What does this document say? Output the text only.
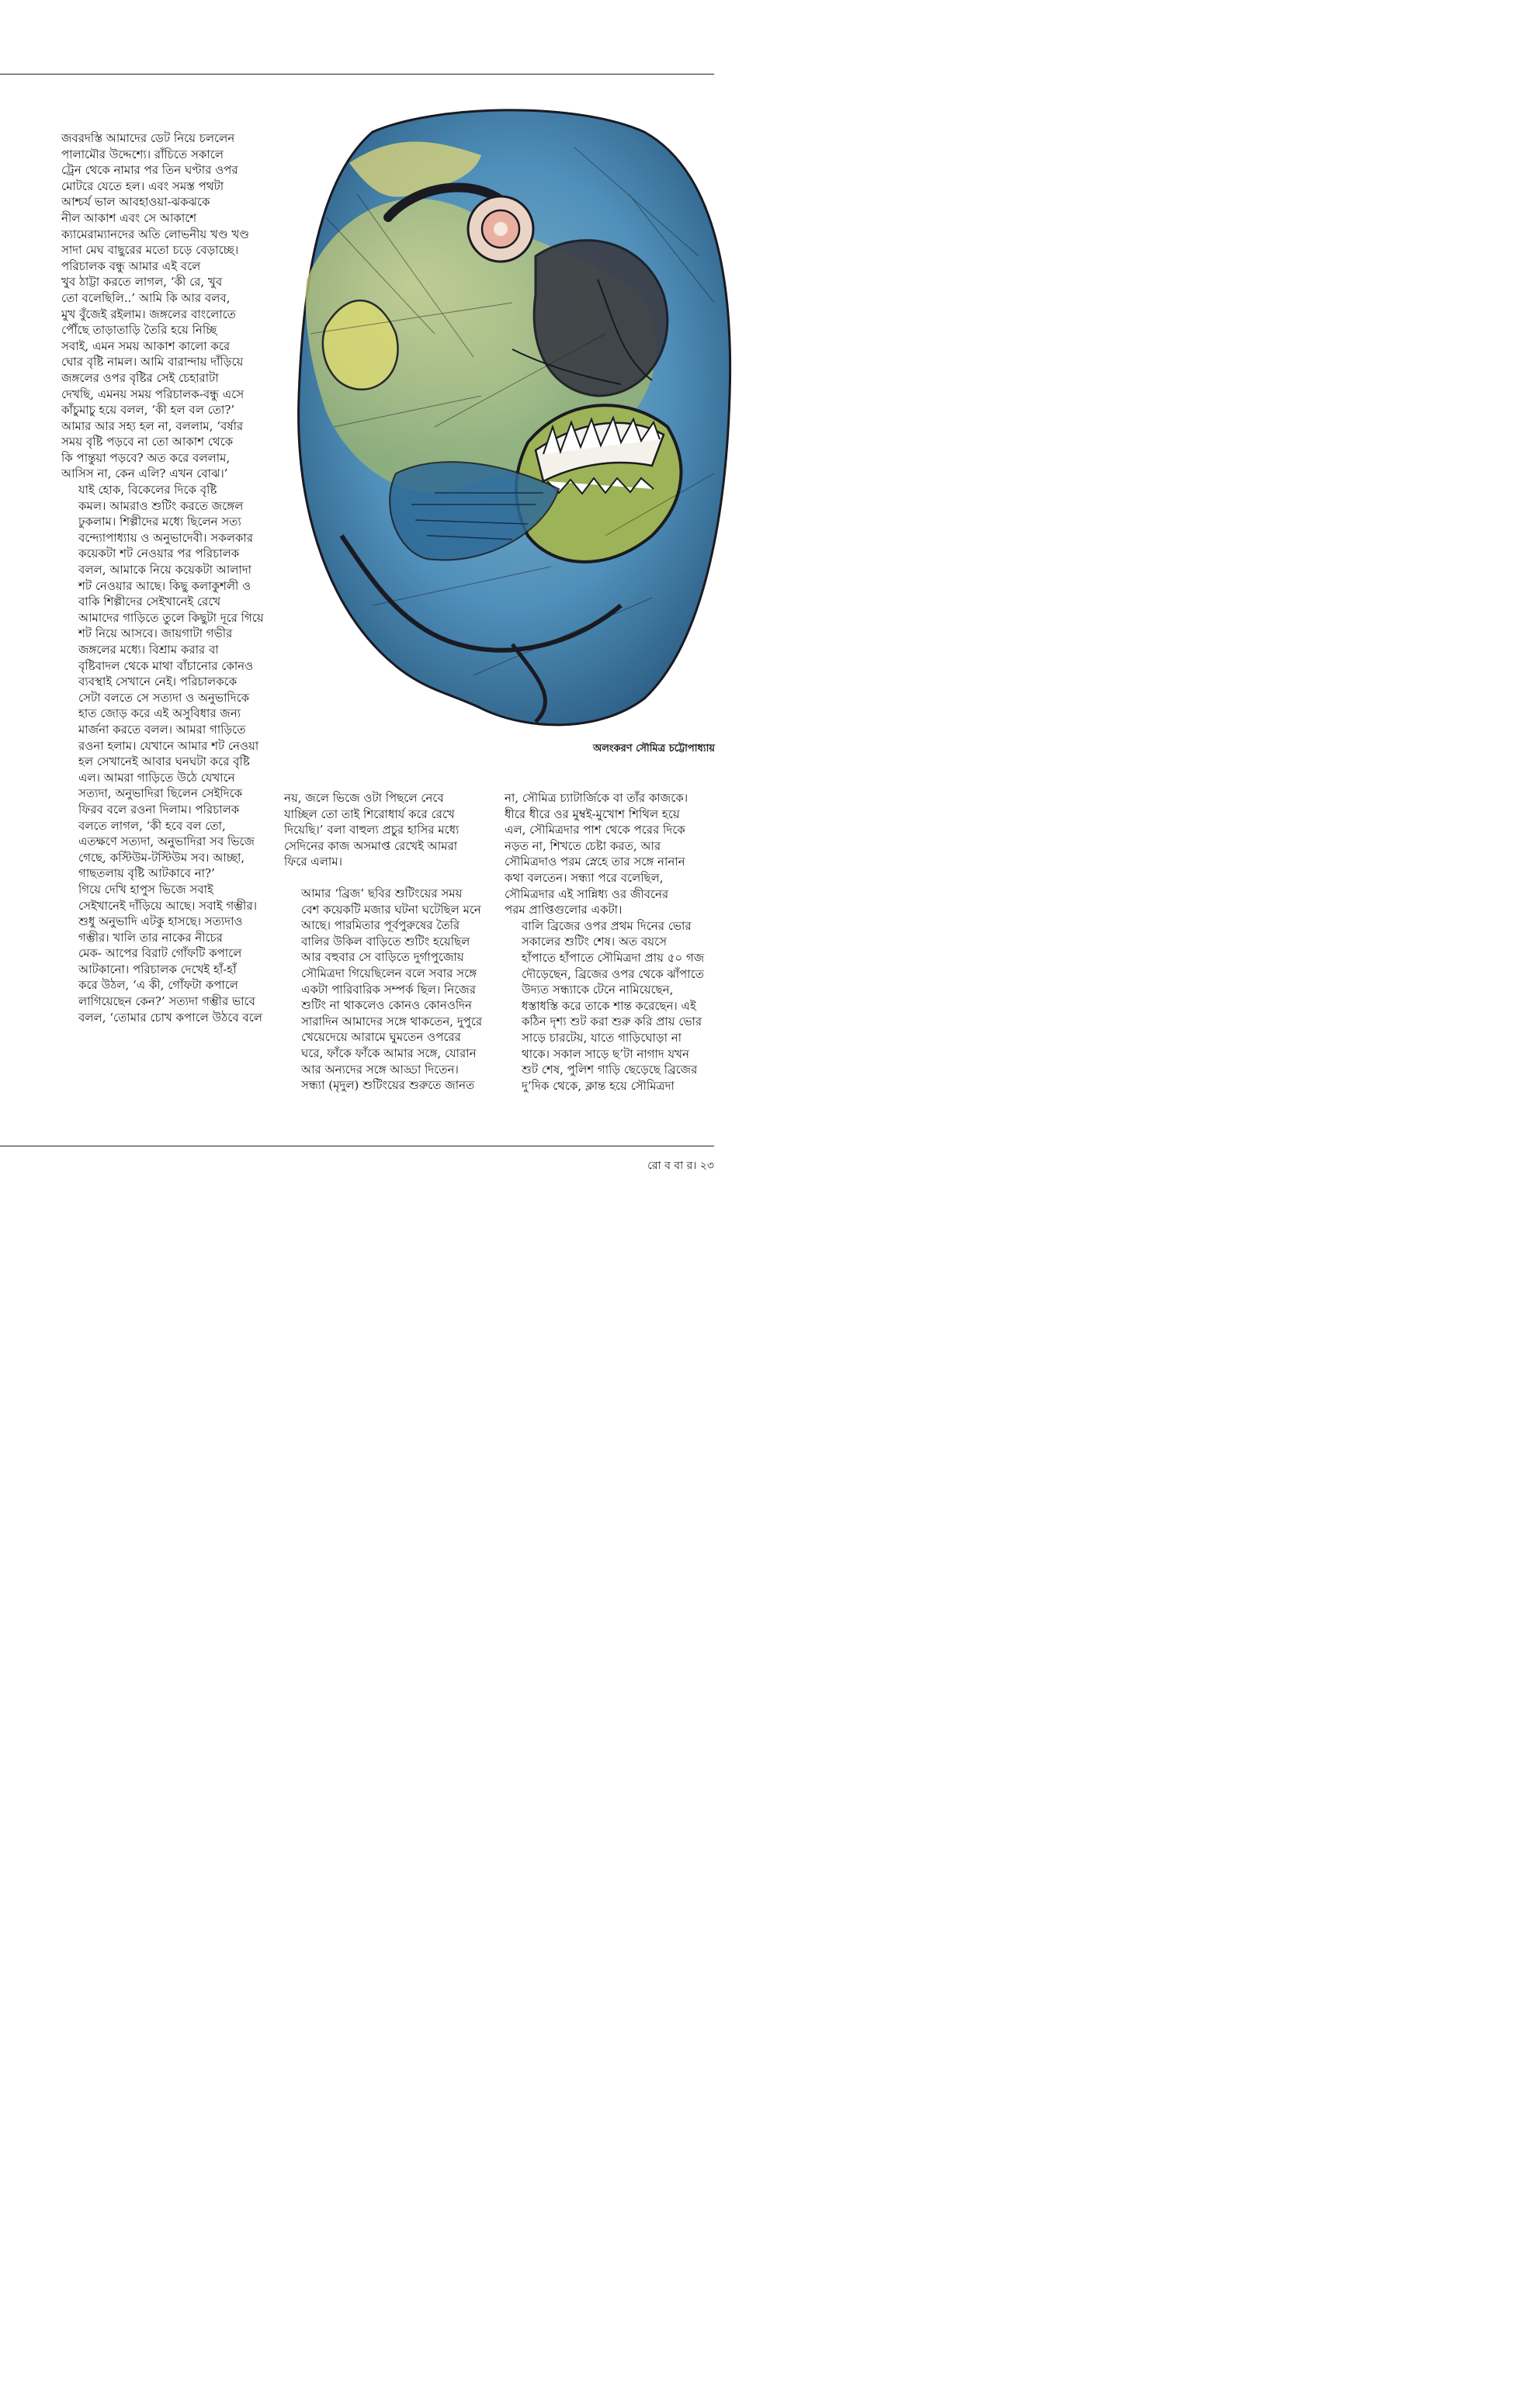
জবরদস্তি আমাদের ডেট নিয়ে চললেন
পালামৌর উদ্দেশ্যে। রাঁচিতে সকালে
ট্রেন থেকে নামার পর তিন ঘণ্টার ওপর
মোটরে যেতে হল। এবং সমস্ত পথটা
আশ্চর্য ভাল আবহাওয়া-ঝকঝকে
নীল আকাশ এবং সে আকাশে
ক্যামেরাম্যানদের অতি লোভনীয় খণ্ড খণ্ড
সাদা মেঘ বাছুরের মতো চড়ে বেড়াচ্ছে।
পরিচালক বন্ধু আমার এই বলে
খুব ঠাট্টা করতে লাগল, ‘কী রে, খুব
তো বলেছিলি..’ আমি কি আর বলব,
মুখ বুঁজেই রইলাম। জঙ্গলের বাংলোতে
পৌঁছে তাড়াতাড়ি তৈরি হয়ে নিচ্ছি
সবাই, এমন সময় আকাশ কালো করে
ঘোর বৃষ্টি নামল। আমি বারান্দায় দাঁড়িয়ে
জঙ্গলের ওপর বৃষ্টির সেই চেহারাটা
দেখছি, এমনয় সময় পরিচালক-বন্ধু এসে
কাঁচুমাচু হয়ে বলল, ‘কী হল বল তো?’
আমার আর সহ্য হল না, বললাম, ‘বর্ষার
সময় বৃষ্টি পড়বে না তো আকাশ থেকে
কি পান্তুয়া পড়বে? অত করে বললাম,
আসিস না, কেন এলি? এখন বোঝ।’

যাই হোক, বিকেলের দিকে বৃষ্টি
কমল। আমরাও শুটিং করতে জঙ্গেল
ঢুকলাম। শিল্পীদের মধ্যে ছিলেন সত্য
বন্দ্যোপাধ্যায় ও অনুভাদেবী। সকলকার
কয়েকটা শট নেওয়ার পর পরিচালক
বলল, আমাকে নিয়ে কয়েকটা আলাদা
শট নেওয়ার আছে। কিছু কলাকুশলী ও
বাকি শিল্পীদের সেইখানেই রেখে
আমাদের গাড়িতে তুলে কিছুটা দূরে গিয়ে
শট নিয়ে আসবে। জায়গাটা গভীর
জঙ্গলের মধ্যে। বিশ্রাম করার বা
বৃষ্টিবাদল থেকে মাথা বাঁচানোর কোনও
ব্যবস্থাই সেখানে নেই। পরিচালককে
সেটা বলতে সে সত্যদা ও অনুভাদিকে
হাত জোড় করে এই অসুবিধার জন্য
মার্জনা করতে বলল। আমরা গাড়িতে
রওনা হলাম। যেখানে আমার শট নেওয়া
হল সেখানেই আবার ঘনঘটা করে বৃষ্টি
এল। আমরা গাড়িতে উঠে যেখানে
সত্যদা, অনুভাদিরা ছিলেন সেইদিকে
ফিরব বলে রওনা দিলাম। পরিচালক
বলতে লাগল, ‘কী হবে বল তো,
এতক্ষণে সত্যদা, অনুভাদিরা সব ভিজে
গেছে, কস্টিউম-টস্টিউম সব। আচ্ছা,
গাছতলায় বৃষ্টি আটকাবে না?’

গিয়ে দেখি হাপুস ভিজে সবাই
সেইখানেই দাঁড়িয়ে আছে। সবাই গম্ভীর।
শুধু অনুভাদি এটকু হাসছে। সত্যদাও
গম্ভীর। খালি তার নাকের নীচের
মেক- আপের বিরাট গোঁফটি কপালে
আটকানো। পরিচালক দেখেই হাঁ-হাঁ
করে উঠল, ‘এ কী, গোঁফটা কপালে
লাগিয়েছেন কেন?’ সত্যদা গম্ভীর ভাবে
বলল, ‘তোমার চোখ কপালে উঠবে বলে

অলংকরণ সৌমিত্র চট্টোপাধ্যায়

নয়, জলে ভিজে ওটা পিছলে নেবে
যাচ্ছিল তো তাই শিরোধার্য করে রেখে
দিয়েছি।’ বলা বাহুল্য প্রচুর হাসির মধ্যে
সেদিনের কাজ অসমাপ্ত রেখেই আমরা
ফিরে এলাম।

আমার ‘ব্রিজ’ ছবির শুটিংয়ের সময়
বেশ কয়েকটি মজার ঘটনা ঘটেছিল মনে
আছে। পারমিতার পূর্বপুরুষের তৈরি
বালির উকিল বাড়িতে শুটিং হয়েছিল
আর বহুবার সে বাড়িতে দুর্গাপুজোয়
সৌমিত্রদা গিয়েছিলেন বলে সবার সঙ্গে
একটা পারিবারিক সম্পর্ক ছিল। নিজের
শুটিং না থাকলেও কোনও কোনওদিন
সারাদিন আমাদের সঙ্গে থাকতেন, দুপুরে
খেয়েদেয়ে আরামে ঘুমতেন ওপরের
ঘরে, ফাঁকে ফাঁকে আমার সঙ্গে, যোরান
আর অন্যদের সঙ্গে আড্ডা দিতেন।
সন্ধ্যা (মৃদুল) শুটিংয়ের শুরুতে জানত

না, সৌমিত্র চ্যাটার্জিকে বা তাঁর কাজকে।
ধীরে ধীরে ওর মুম্বই-মুখোশ শিথিল হয়ে
এল, সৌমিত্রদার পাশ থেকে পরের দিকে
নড়ত না, শিখতে চেষ্টা করত, আর
সৌমিত্রদাও পরম স্নেহে তার সঙ্গে নানান
কথা বলতেন। সন্ধ্যা পরে বলেছিল,
সৌমিত্রদার এই সান্নিধ্য ওর জীবনের
পরম প্রাপ্তিগুলোর একটা।

বালি ব্রিজের ওপর প্রথম দিনের ভোর
সকালের শুটিং শেষ। অত বয়সে
হাঁপাতে হাঁপাতে সৌমিত্রদা প্রায় ৫০ গজ
দৌড়েছেন, ব্রিজের ওপর থেকে ঝাঁপাতে
উদ্যত সন্ধ্যাকে টেনে নামিয়েছেন,
ধস্তাধস্তি করে তাকে শান্ত করেছেন। এই
কঠিন দৃশ্য শুট করা শুরু করি প্রায় ভোর
সাড়ে চারটেয়, যাতে গাড়িঘোড়া না
থাকে। সকাল সাড়ে ছ’টা নাগাদ যখন
শুট শেষ, পুলিশ গাড়ি ছেড়েছে ব্রিজের
দু’দিক থেকে, ক্লান্ত হয়ে সৌমিত্রদা

রো ব বা র। ২৩
